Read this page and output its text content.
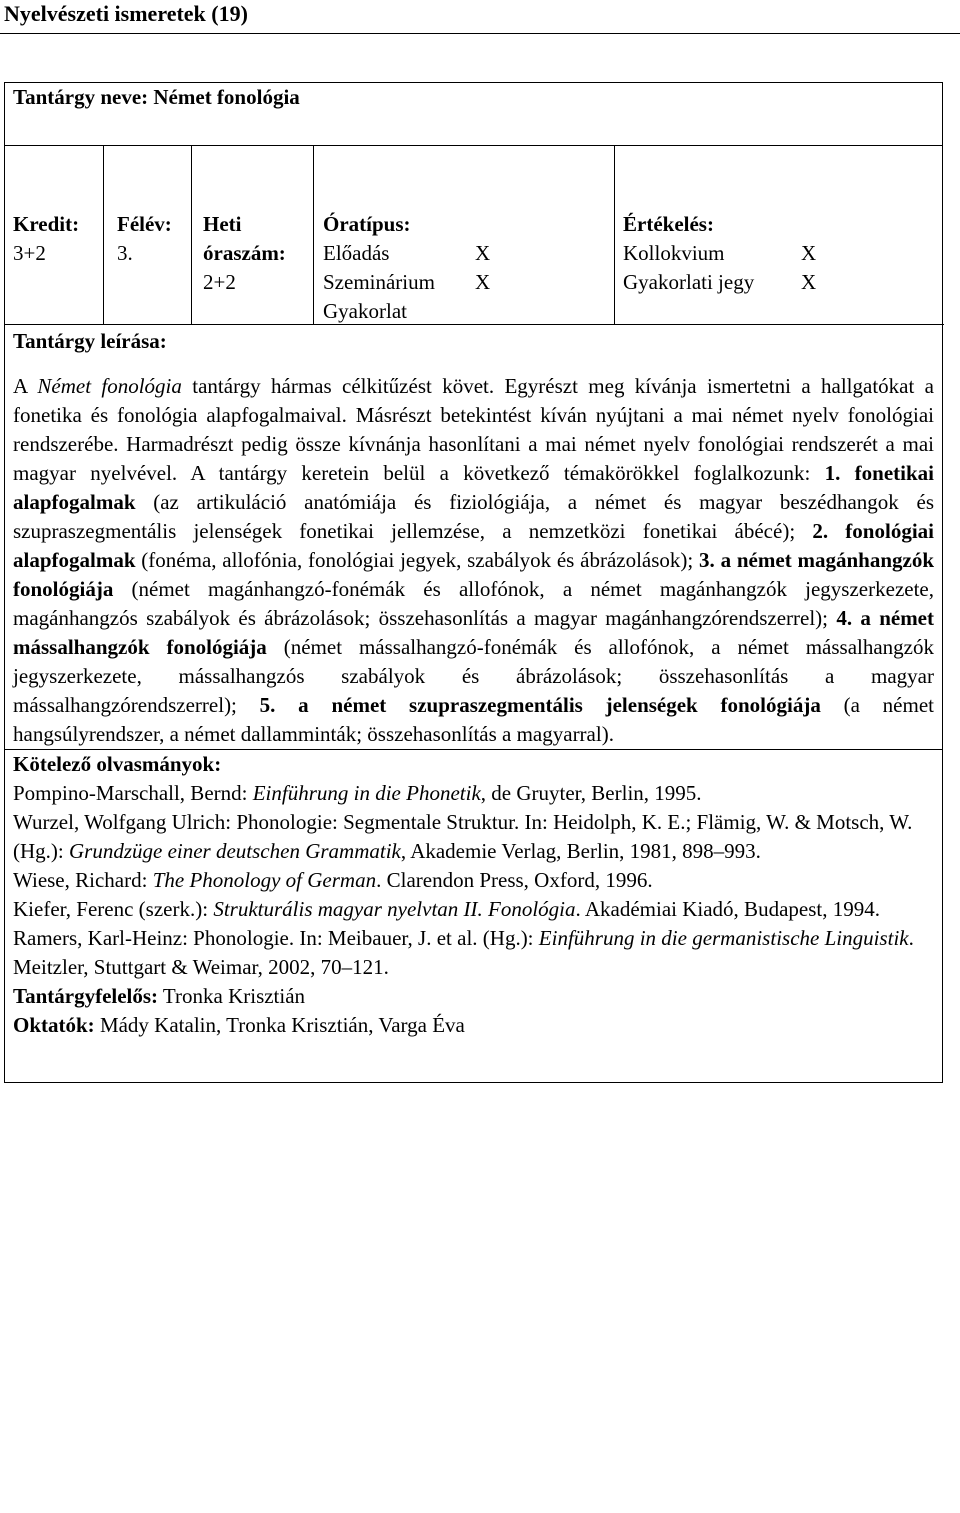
Nyelvészeti ismeretek (19)
Tantárgy neve: Német fonológia

Kredit:
3+2
Félév:
3.
Heti
óraszám:
2+2
Óratípus:
Előadás	X
Szeminárium X
Gyakorlat
Értékelés:
Kollokvium	X
Gyakorlati jegy X
Tantárgy leírása:

A Német fonológia tantárgy hármas célkitűzést követ. Egyrészt meg kívánja ismertetni a hallgatókat a fonetika és fonológia alapfogalmaival. Másrészt betekintést kíván nyújtani a mai német nyelv fonológiai rendszerébe. Harmadrészt pedig össze kívnánja hasonlítani a mai német nyelv fonológiai rendszerét a mai magyar nyelvével. A tantárgy keretein belül a következő témakörökkel foglalkozunk: 1. fonetikai alapfogalmak (az artikuláció anatómiája és fiziológiája, a német és magyar beszédhangok és szupraszegmentális jelenségek fonetikai jellemzése, a nemzetközi fonetikai ábécé); 2. fonológiai alapfogalmak (fonéma, allofónia, fonológiai jegyek, szabályok és ábrázolások); 3. a német magánhangzók fonológiája (német magánhangzó-fonémák és allofónok, a német magánhangzók jegyszerkezete, magánhangzós szabályok és ábrázolások; összehasonlítás a magyar magánhangzórendszerrel); 4. a német mássalhangzók fonológiája (német mássalhangzó-fonémák és allofónok, a német mássalhangzók jegyszerkezete, mássalhangzós szabályok és ábrázolások; összehasonlítás a magyar mássalhangzórendszerrel); 5. a német szupraszegmentális jelenségek fonológiája (a német hangsúlyrendszer, a német dallamminták; összehasonlítás a magyarral).

Kötelező olvasmányok:

Pompino-Marschall, Bernd: Einführung in die Phonetik, de Gruyter, Berlin, 1995.

Wurzel, Wolfgang Ulrich: Phonologie: Segmentale Struktur. In: Heidolph, K. E.; Flämig, W. & Motsch, W. (Hg.): Grundzüge einer deutschen Grammatik, Akademie Verlag, Berlin, 1981, 898–993.

Wiese, Richard: The Phonology of German. Clarendon Press, Oxford, 1996.

Kiefer, Ferenc (szerk.): Strukturális magyar nyelvtan II. Fonológia. Akadémiai Kiadó, Budapest, 1994.

Ramers, Karl-Heinz: Phonologie. In: Meibauer, J. et al. (Hg.): Einführung in die germanistische Linguistik. Meitzler, Stuttgart & Weimar, 2002, 70–121.

Tantárgyfelelős: Tronka Krisztián
Oktatók: Mády Katalin, Tronka Krisztián, Varga Éva
